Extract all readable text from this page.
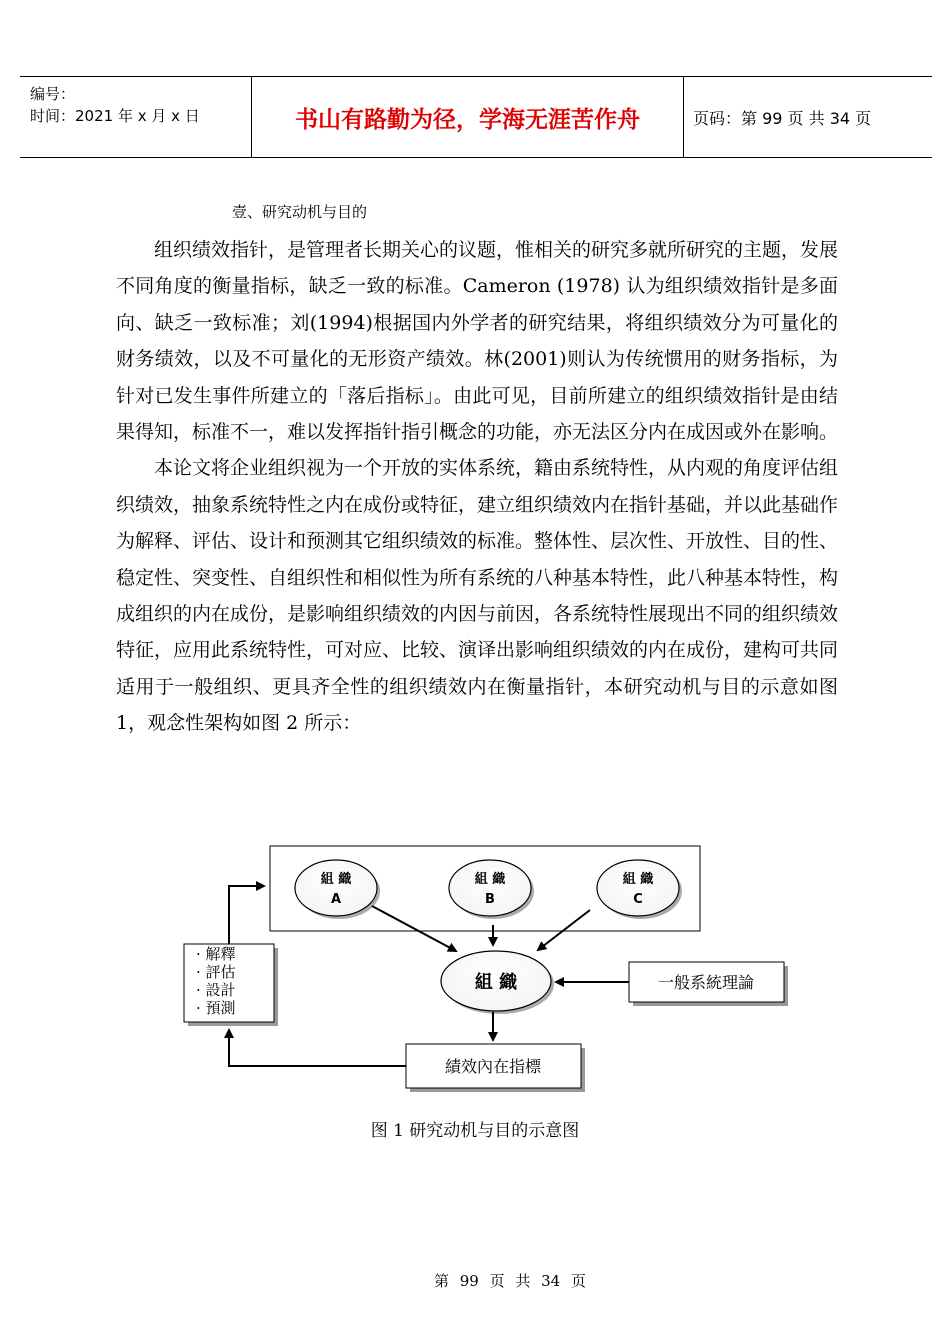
编号：
时间：2021 年 x 月 x 日	书山有路勤为径，学海无涯苦作舟	页码：第 99 页 共 34 页
壹、研究动机与目的

组织绩效指针，是管理者长期关心的议题，惟相关的研究多就所研究的主题，发展不同角度的衡量指标，缺乏一致的标准。Cameron (1978) 认为组织绩效指针是多面向、缺乏一致标准；刘(1994)根据国内外学者的研究结果，将组织绩效分为可量化的财务绩效，以及不可量化的无形资产绩效。林(2001)则认为传统惯用的财务指标，为针对已发生事件所建立的「落后指标」。由此可见，目前所建立的组织绩效指针是由结果得知，标准不一，难以发挥指针指引概念的功能，亦无法区分内在成因或外在影响。

本论文将企业组织视为一个开放的实体系统，籍由系统特性，从内观的角度评估组织绩效，抽象系统特性之内在成份或特征，建立组织绩效内在指针基础，并以此基础作为解释、评估、设计和预测其它组织绩效的标准。整体性、层次性、开放性、目的性、稳定性、突变性、自组织性和相似性为所有系统的八种基本特性，此八种基本特性，构成组织的内在成份，是影响组织绩效的内因与前因，各系统特性展现出不同的组织绩效特征，应用此系统特性，可对应、比较、演译出影响组织绩效的内在成份，建构可共同适用于一般组织、更具齐全性的组织绩效内在衡量指针，本研究动机与目的示意如图 1，观念性架构如图 2 所示：

組 織
A
組 織
B
組 織
C
組 織	一般系統理論
績效內在指標
· 解釋
· 評估
· 設計
· 預測
图 1 研究动机与目的示意图
第 99 页 共 34 页
